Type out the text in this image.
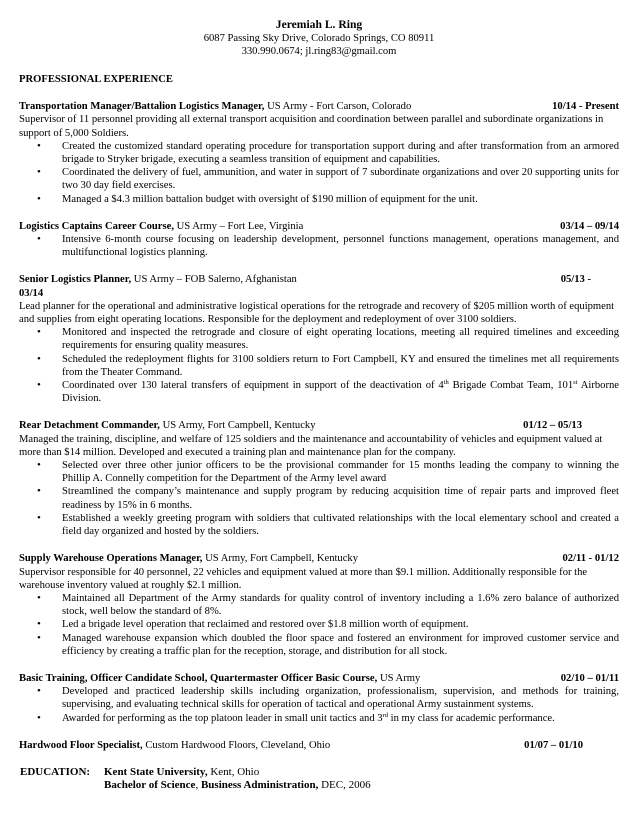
Jeremiah L. Ring
6087 Passing Sky Drive, Colorado Springs, CO 80911
330.990.0674; jl.ring83@gmail.com
PROFESSIONAL EXPERIENCE
Transportation Manager/Battalion Logistics Manager, US Army - Fort Carson, Colorado	10/14 - Present
Supervisor of 11 personnel providing all external transport acquisition and coordination between parallel and subordinate organizations in support of 5,000 Soldiers.
• Created the customized standard operating procedure for transportation support during and after transformation from an armored brigade to Stryker brigade, executing a seamless transition of equipment and capabilities.
• Coordinated the delivery of fuel, ammunition, and water in support of 7 subordinate organizations and over 20 supporting units for two 30 day field exercises.
• Managed a $4.3 million battalion budget with oversight of $190 million of equipment for the unit.
Logistics Captains Career Course, US Army – Fort Lee, Virginia	03/14 – 09/14
• Intensive 6-month course focusing on leadership development, personnel functions management, operations management, and multifunctional logistics planning.
Senior Logistics Planner, US Army – FOB Salerno, Afghanistan	05/13 -
03/14
Lead planner for the operational and administrative logistical operations for the retrograde and recovery of $205 million worth of equipment and supplies from eight operating locations. Responsible for the deployment and redeployment of over 3100 soldiers.
• Monitored and inspected the retrograde and closure of eight operating locations, meeting all required timelines and exceeding requirements for ensuring quality measures.
• Scheduled the redeployment flights for 3100 soldiers return to Fort Campbell, KY and ensured the timelines met all requirements from the Theater Command.
• Coordinated over 130 lateral transfers of equipment in support of the deactivation of 4th Brigade Combat Team, 101st Airborne Division.
Rear Detachment Commander, US Army, Fort Campbell, Kentucky	01/12 – 05/13
Managed the training, discipline, and welfare of 125 soldiers and the maintenance and accountability of vehicles and equipment valued at more than $14 million. Developed and executed a training plan and maintenance plan for the company.
• Selected over three other junior officers to be the provisional commander for 15 months leading the company to winning the Phillip A. Connelly competition for the Department of the Army level award
• Streamlined the company’s maintenance and supply program by reducing acquisition time of repair parts and improved fleet readiness by 15% in 6 months.
• Established a weekly greeting program with soldiers that cultivated relationships with the local elementary school and created a field day organized and hosted by the soldiers.
Supply Warehouse Operations Manager, US Army, Fort Campbell, Kentucky	02/11 - 01/12
Supervisor responsible for 40 personnel, 22 vehicles and equipment valued at more than $9.1 million. Additionally responsible for the warehouse inventory valued at roughly $2.1 million.
• Maintained all Department of the Army standards for quality control of inventory including a 1.6% zero balance of authorized stock, well below the standard of 8%.
• Led a brigade level operation that reclaimed and restored over $1.8 million worth of equipment.
• Managed warehouse expansion which doubled the floor space and fostered an environment for improved customer service and efficiency by creating a traffic plan for the reception, storage, and distribution for all stock.
Basic Training, Officer Candidate School, Quartermaster Officer Basic Course, US Army	02/10 – 01/11
• Developed and practiced leadership skills including organization, professionalism, supervision, and methods for training, supervising, and evaluating technical skills for operation of tactical and operational Army sustainment systems.
• Awarded for performing as the top platoon leader in small unit tactics and 3rd in my class for academic performance.
Hardwood Floor Specialist, Custom Hardwood Floors, Cleveland, Ohio	01/07 – 01/10
EDUCATION: Kent State University, Kent, Ohio
Bachelor of Science, Business Administration, DEC, 2006
